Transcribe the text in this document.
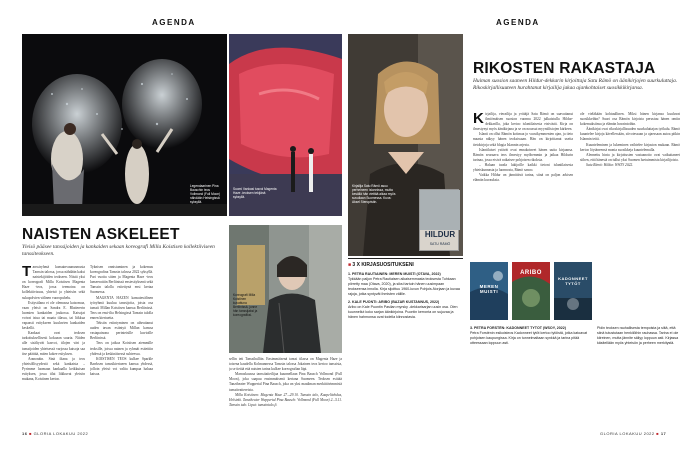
AGENDA
Legendaarinen Pina Bauschin teos Vollmond (Full Moon) nähdään Helsingissä syksyllä.
Suomi Vankasi tusvoi Magenta Haze -teoksen tekijänä syksyllä.
NAISTEN ASKELEET
Yleisö pääsee tanssijoiden ja kankaiden sekaan koreografi Milla Koistisen kollektiiviseen tanssiteokseen.

Tanssiryhmä kansainvaunusmusta Tanssin talossa, jossa nähdään kaksi naistekijöiden teokseen. Niistä yksi on koreografi Milla Koistisen Magenta Haze -teos, jossa teemoina on kollektiivisuus, yhteisö ja yhteisön sekä sukupolvien välinen vuoropuhelu.

Esitystilana ei ole olemassa katsomoa, vaan yleisö on Sandra E. Blattererin luomien kankaiden joukossa. Katsojat voivat istua tai maata tilassa, tai liikkua vapaasti esitykseen kuuluvien kankaiden keskellä.

Kankaat ovat teoksen tarkoituksellisesti kokoaan suuria. Niiden alle sisältyvät kasvot, tilojen väri ja tanssijoiden yhteisessä varjossa katsoja saa itse päättää, miten kokee esityksen.

Aranonäin. Sinä iltana ja teos yhteisöllisyydestä sekä kankaista – Pyrimme luomaan kankaalla keikkuisan esityksen, jossa tilat liikkuvat yleisön mukana, Koistinen kertoo.

Tyknisen onnistuminen ja kokemus koreografina Tanssin talossa 2022 syksyllä. Pari vuotta sitten ja Magenta Haze -teos lanseerattiin Berliinissä ensiesityksenä sekä Tanssin talolla esitettynä ensi kertaa Suomessa.

MAGENTA HAZEN kansainvälinen työryhmä kuuluu tanssijoita, joista osa tanssii Millan Koistisen kanssa Berliinissä. Teos on ensi-ilta Helsingissä Tanssin talolla ennen kiertuetta.

Tekstin esiintyminen on aiheuttanut uuden tavan esiintyä Millan kanssa vastapainona perinteisille kuvioille Berliinissä.

Teos on jatkoa Koistisen aiemmille teoksille, joissa nainen ja ryhmät esitettiin yhdessä ja keskinäisessä suhteessa.

KOISTISEN TEOS kulkee Sparkle Barrksen tanssikiertueen kanssa yhdessä, jolloin yleisö voi valita kumpaa haluaa katsoa.

Koreografi Milla Koistinen kuvattuna Berliinissä, jonne hän tanssijaksi ja koreografiksi.

sellin teti Tanssihalliin. Ensimmäisenä tanssi tilassa on Magenta Haze ja toisena kaudella Kolmannessa Tanssin talossa Jokainen teos kertoo tanssista, ja se tietää että naisten tarina kulkee koreografian läpi.

Marraskuussa tanssitaiteilijaa kuunnellaan Pina Bausch Vollmond (Full Moon), joka saapuu ensimmäisenä kertana Suomeen. Teoksen esittää Tanztheater Wuppertal Pina Bausch, joka on yksi maailman merkittävimmistä tanssiteattereista.

Milla Koistinen: Magenta Haze 27.–29.10. Tanssin talo, Kaapelitehdas, Helsinki. Tanztheater Wuppertal Pina Bausch: Vollmond (Full Moon) 2.–5.11. Tanssin talo. Liput: tanssintalo.fi.

16 ■ GLORIA LOKAKUU 2022
AGENDA
Kirjailija Satu Rämö asuu perheineen Islannissa, mutta kesällä hän viettää aikaa myös suvullaan Suomessa. Kuva: Aksel Stenqvistin.
HILDUR
SATU RÄMÖ
RIKOSTEN RAKASTAJA
Huiman suosion saaneen Hildur-dekkarin kirjoittaja Satu Rämö on äänikirjojen suurkuluttaja. Rikoskirjallisuuteen hurahtanut kirjailija jakaa ajankohtaiset suosikkikirjansa.

Kirjailija, vierailija ja yrittäjä Satu Rämö on saavuttanut ilmiömäisen suosion vuonna 2022 julkaistulla Hildur-dekkarilla, joka kertoo islantilaisesta etsivästä. Kirja on ilmestynyt myös äänikirjana ja se on noussut myyntilistojen kärkeen.

Islanti on ollut Rämön kotimaa jo vuosikymmenien ajan, ja tieto maasta näkyy hänen teoksissaan. Hän on kirjoittanut useita tietokirjoja sekä blogia Islannin arjesta.

Islantilaiset ystävät ovat ennakoineet hänen uutta kirjaansa. Rämön seuraava teos ilmestyy myöhemmin ja jatkaa Hildurin tarinaa, jossa etsivä ratkaisee pohjoisen rikoksia.

– Haluan tuoda lukijoille kaikki tietoni islantilaisesta yhteiskunnasta ja luonnosta, Rämö sanoo.

Vaikka Hildur on jännittävä tarina, siinä on paljon arkisen elämän kuvauksia.

ole vieläkään kohtuullinen. Miksi hänen kirjansa kuuluvat suosikkeihin? Suuri osa Rämön kirjoista perustuu hänen omiin kokemuksiinsa ja elämän havaintoihin.

Äänikirjat ovat rikoskirjallisuuden suurkuluttajan työkalu. Rämö kuuntelee kirjoja kävellessään, siivotessaan ja ajaessaan autoa pitkin Islannin teitä.

Kuunteleminen ja lukeminen vaihtelee kirjaston mukaan. Rämö kertoo löytäneensä monia suosikkeja kuuntelemalla.

Alennettu hinta ja kirjoitusten vastaanotto ovat vaikuttaneet siihen, että hänestä on tullut yksi Suomen luetuimmista kirjailijoista.

Satu Rämö: Hildur. WSOY 2022.

■ 3 X KIRJASUOSITUKSENI
1. PETRA RAUTIAINEN: MEREN MUISTI (OTAVA, 2022)
Tykkään paljon Petra Rautiaisen aikaisemmasta teoksesta Tuhkaan piirretty maa (Otava, 2020), ja siksi tartuin hänen uusimpaan teokseensa innolla. Kirja sijoittuu 1960-luvun Pohjois-Norjaan ja kuvaa rajoja, jotka syntyvät ihmisten välille.
2. KALE PUONTI: ARIBO (BAZAR KUSTANNUS, 2022)
Aribo on Kale Puontin Pasilan myrsky -dekkarisarjan uusin osa. Olen kuunnellut koko sarjan äänikirjoina. Puontin kerronta on sujuvaa ja hänen hahmonsa ovat todella kiinnostavia.
MEREN MUISTI
ARIBO
KADONNEET TYTÖT
3. PETRA FORSTÉN: KADONNEET TYTÖT (WSOY, 2022)
Petra Forsténin esikoisteos Kadonneet tytöt kertoo tytöistä, jotka katoavat pohjoisen kaupungissa. Kirja on tunnelmaltaan synkkä ja tarina pitää otteessaan loppuun asti.
Pidin teoksen rauhallisesta tempoista ja siitä, että siinä tutustutaan henkilöihin rauhassa. Tarina ei ole kiireinen, mutta jännite säilyy loppuun asti. Kirjassa käsitellään myös yhteisön ja perheen merkitystä.
GLORIA LOKAKUU 2022 ■ 17
